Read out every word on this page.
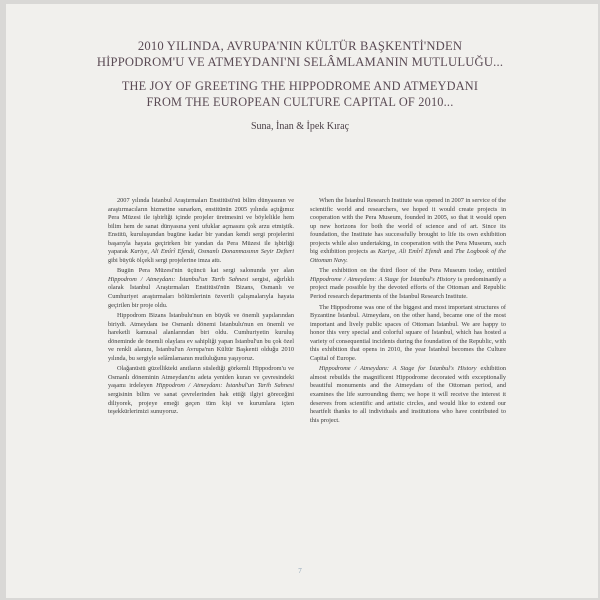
2010 YILINDA, AVRUPA'NIN KÜLTÜR BAŞKENTİ'NDEN
HİPPODROM'U VE ATMEYDANI'NI SELÂMLAMANIN MUTLULUĞU...
THE JOY OF GREETING THE HIPPODROME AND ATMEYDANI
FROM THE EUROPEAN CULTURE CAPITAL OF 2010...
Suna, İnan & İpek Kıraç

2007 yılında İstanbul Araştırmaları Enstitüsü'nü bilim dünyasının ve araştırmacıların hizmetine sunarken, enstitünün 2005 yılında açtığımız Pera Müzesi ile işbirliği içinde projeler üretmesini ve böylelikle hem bilim hem de sanat dünyasına yeni ufuklar açmasını çok arzu etmiştik. Enstitü, kuruluşundan bugüne kadar bir yandan kendi sergi projelerini başarıyla hayata geçirirken bir yandan da Pera Müzesi ile işbirliği yaparak Kariye, Ali Emîrî Efendi, Osmanlı Donanmasının Seyir Defteri gibi büyük ölçekli sergi projelerine imza attı.

Bugün Pera Müzesi'nin üçüncü kat sergi salonunda yer alan Hippodrom / Atmeydanı: İstanbul'un Tarih Sahnesi sergisi, ağırlıklı olarak İstanbul Araştırmaları Enstitüsü'nün Bizans, Osmanlı ve Cumhuriyet araştırmaları bölümlerinin özverili çalışmalarıyla hayata geçirilen bir proje oldu.

Hippodrom Bizans İstanbulu'nun en büyük ve önemli yapılarından biriydi. Atmeydanı ise Osmanlı dönemi İstanbulu'nun en önemli ve hareketli kamusal alanlarından biri oldu. Cumhuriyetin kuruluş döneminde de önemli olaylara ev sahipliği yapan İstanbul'un bu çok özel ve renkli alanını, İstanbul'un Avrupa'nın Kültür Başkenti olduğu 2010 yılında, bu sergiyle selâmlamanın mutluluğunu yaşıyoruz.

Olağanüstü güzellikteki anıtların süslediği görkemli Hippodrom'u ve Osmanlı döneminin Atmeydanı'nı adeta yeniden kuran ve çevresindeki yaşamı irdeleyen Hippodrom / Atmeydanı: İstanbul'un Tarih Sahnesi sergisinin bilim ve sanat çevrelerinden hak ettiği ilgiyi göreceğini diliyorek, projeye emeği geçen tüm kişi ve kurumlara içten teşekkürlerimizi sunuyoruz.

When the İstanbul Research Institute was opened in 2007 in service of the scientific world and researchers, we hoped it would create projects in cooperation with the Pera Museum, founded in 2005, so that it would open up new horizons for both the world of science and of art. Since its foundation, the Institute has successfully brought to life its own exhibition projects while also undertaking, in cooperation with the Pera Museum, such big exhibition projects as Kariye, Ali Emîrî Efendi and The Logbook of the Ottoman Navy.

The exhibition on the third floor of the Pera Museum today, entitled Hippodrome / Atmeydanı: A Stage for İstanbul's History is predominantly a project made possible by the devoted efforts of the Ottoman and Republic Period research departments of the İstanbul Research Institute.

The Hippodrome was one of the biggest and most important structures of Byzantine İstanbul. Atmeydanı, on the other hand, became one of the most important and lively public spaces of Ottoman İstanbul. We are happy to honor this very special and colorful square of İstanbul, which has hosted a variety of consequential incidents during the foundation of the Republic, with this exhibition that opens in 2010, the year İstanbul becomes the Culture Capital of Europe.

Hippodrome / Atmeydanı: A Stage for İstanbul's History exhibition almost rebuilds the magnificent Hippodrome decorated with exceptionally beautiful monuments and the Atmeydanı of the Ottoman period, and examines the life surrounding them; we hope it will receive the interest it deserves from scientific and artistic circles, and would like to extend our heartfelt thanks to all individuals and institutions who have contributed to this project.

7
